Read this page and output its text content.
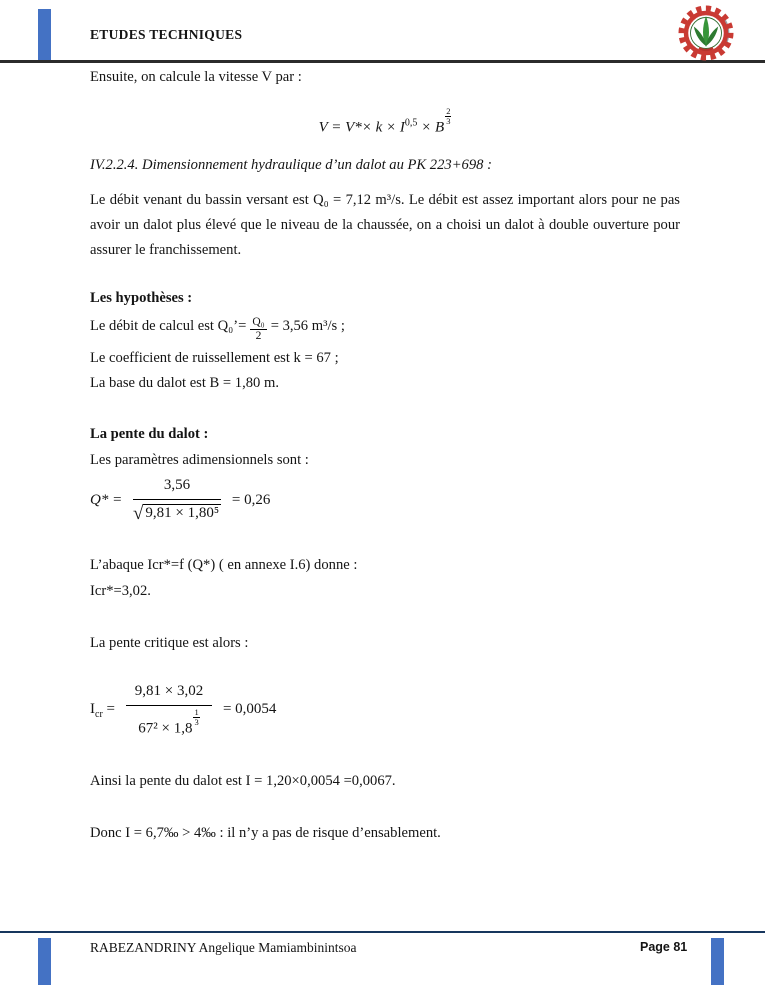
ETUDES TECHNIQUES

Ensuite, on calcule la vitesse V par :

V = V*× k × I$^{0,5}$ × B
$\frac{2}{3}$

IV.2.2.4. Dimensionnement hydraulique d’un dalot au PK 223+698 :

Le débit venant du bassin versant est Q₀ = 7,12 m³/s. Le débit est assez important alors pour ne pas avoir un dalot plus élevé que le niveau de la chaussée, on a choisi un dalot à double ouverture pour assurer le franchissement.

Les hypothèses :

Le débit de calcul est Q₀’= $\frac{\text{Q₀}}{2} = 3,56$ m³/s ;

Le coefficient de ruissellement est k = 67 ;

La base du dalot est B = 1,80 m.

La pente du dalot :

Les paramètres adimensionnels sont :

$Q* = \frac{3,56}{\text{√ 9,81 × 1,80⁵}} = 0,26$

L’abaque Icr*=f (Q*) ( en annexe I.6) donne :

Icr*=3,02.

La pente critique est alors :

$I_{cr} = 9,81 \times 3,02$
67² × 1,8
$\frac{1}{3} = 0,0054$

Ainsi la pente du dalot est I = 1,20×0,0054 =0,0067.

Donc I = 6,7‰ > 4‰ : il n’y a pas de risque d’ensablement.

RABEZANDRINY Angelique Mamiambinintsoa	Page 81
